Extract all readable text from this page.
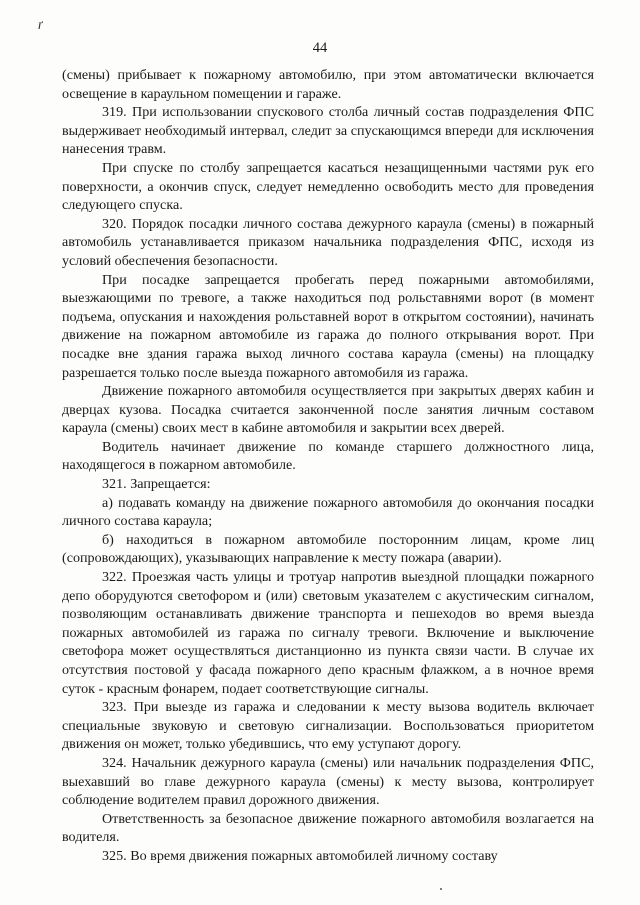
ґ
44

(смены) прибывает к пожарному автомобилю, при этом автоматически включается освещение в караульном помещении и гараже.

319. При использовании спускового столба личный состав подразделения ФПС выдерживает необходимый интервал, следит за спускающимся впереди для исключения нанесения травм.

При спуске по столбу запрещается касаться незащищенными частями рук его поверхности, а окончив спуск, следует немедленно освободить место для проведения следующего спуска.

320. Порядок посадки личного состава дежурного караула (смены) в пожарный автомобиль устанавливается приказом начальника подразделения ФПС, исходя из условий обеспечения безопасности.

При посадке запрещается пробегать перед пожарными автомобилями, выезжающими по тревоге, а также находиться под рольставнями ворот (в момент подъема, опускания и нахождения рольставней ворот в открытом состоянии), начинать движение на пожарном автомобиле из гаража до полного открывания ворот. При посадке вне здания гаража выход личного состава караула (смены) на площадку разрешается только после выезда пожарного автомобиля из гаража.

Движение пожарного автомобиля осуществляется при закрытых дверях кабин и дверцах кузова. Посадка считается законченной после занятия личным составом караула (смены) своих мест в кабине автомобиля и закрытии всех дверей.

Водитель начинает движение по команде старшего должностного лица, находящегося в пожарном автомобиле.

321. Запрещается:

а) подавать команду на движение пожарного автомобиля до окончания посадки личного состава караула;

б) находиться в пожарном автомобиле посторонним лицам, кроме лиц (сопровождающих), указывающих направление к месту пожара (аварии).

322. Проезжая часть улицы и тротуар напротив выездной площадки пожарного депо оборудуются светофором и (или) световым указателем с акустическим сигналом, позволяющим останавливать движение транспорта и пешеходов во время выезда пожарных автомобилей из гаража по сигналу тревоги. Включение и выключение светофора может осуществляться дистанционно из пункта связи части. В случае их отсутствия постовой у фасада пожарного депо красным флажком, а в ночное время суток - красным фонарем, подает соответствующие сигналы.

323. При выезде из гаража и следовании к месту вызова водитель включает специальные звуковую и световую сигнализации. Воспользоваться приоритетом движения он может, только убедившись, что ему уступают дорогу.

324. Начальник дежурного караула (смены) или начальник подразделения ФПС, выехавший во главе дежурного караула (смены) к месту вызова, контролирует соблюдение водителем правил дорожного движения.

Ответственность за безопасное движение пожарного автомобиля возлагается на водителя.

325. Во время движения пожарных автомобилей личному составу
